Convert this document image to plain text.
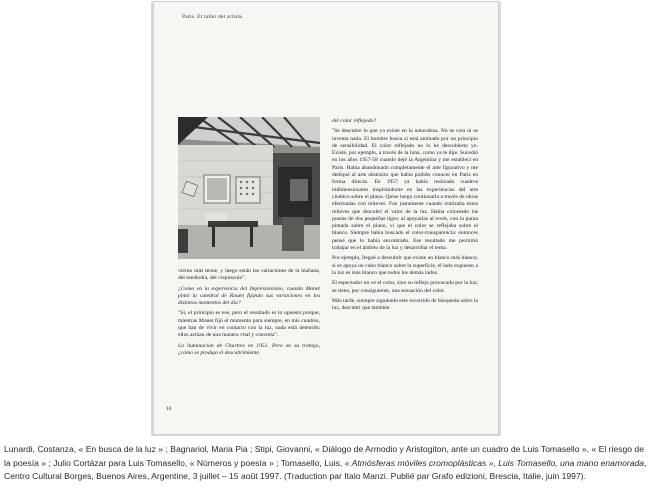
Paris. El taller del artista.

vierno más tenue, y luego están las variaciones de la mañana, del mediodía, del crepúsculo".

¿Como en la experiencia del Impresionismo, cuando Monet pintó la catedral de Rouen fijando sus variaciones en los distintos momentos del día?

"Sí, el principio es ese, pero el resultado es lo opuesto porque, mientras Monet fijó el momento para siempre, en mis cuadros, que han de vivir en contacto con la luz, nada está detenido; ellos actúan de una manera vital y concreta".

La iluminación de Chartres en 1951. Pero en su trabajo, ¿cómo se produjo el descubrimiento

del color reflejado?

"Se descubre lo que ya existe en la naturaleza. No se crea ni se inventa nada. El hombre busca si está animado por un principio de sensibilidad. El color reflejado no lo he descubierto yo. Existe, por ejemplo, a través de la luna, como ya le dije. Sucedió en los años 1957-58 cuando dejé la Argentina y me establecí en París. Había abandonado completamente el arte figurativo y me dediqué al arte abstracto que había podido conocer en París en forma directa. En 1957 ya había realizado cuadros bidimensionales inspirándome en las experiencias del arte cinético sobre el plano. Quise luego continuarla a través de obras efectuadas con relieves. Fue justamente cuando realizaba estos relieves que descubrí el valor de la luz. Había coloreado las puntas de dos pequeñas tiges: al apoyarlas al revés, con la punta pintada sobre el plano, vi que el color se reflejaba sobre el blanco. Siempre había buscado el color-transparencia: entonces pensé que lo había encontrado. Ese resultado me permitió trabajar en el ámbito de la luz y desarrollar el tema.

Por ejemplo, llegué a descubrir que existe un blanco más blanco; si se apoya un cubo blanco sobre la superficie, el lado expuesto a la luz es más blanco que todos los demás lados.

El espectador no ve el color, sino su reflejo provocado por la luz; se tiene, por consiguiente, una sensación del color.

Más tarde, siempre siguiendo este recorrido de búsqueda sobre la luz, descubrí que también

10
Lunardi, Costanza, « En busca de la luz » ; Bagnariol, Maria Pia ; Stipi, Giovanni, « Diálogo de Armodio y Aristogiton, ante un cuadro de Luis Tomasello », « El riesgo de la poesía » ; Julio Cortázar para Luis Tomasello, « Números y poesía » ; Tomasello, Luis, « Atmósferas móviles cromoplásticas », Luis Tomasello, una mano enamorada, Centro Cultural Borges, Buenos Aires, Argentine, 3 juillet – 15 août 1997. (Traduction par Italo Manzi. Publié par Grafo edizioni, Brescia, Italie, juin 1997).
